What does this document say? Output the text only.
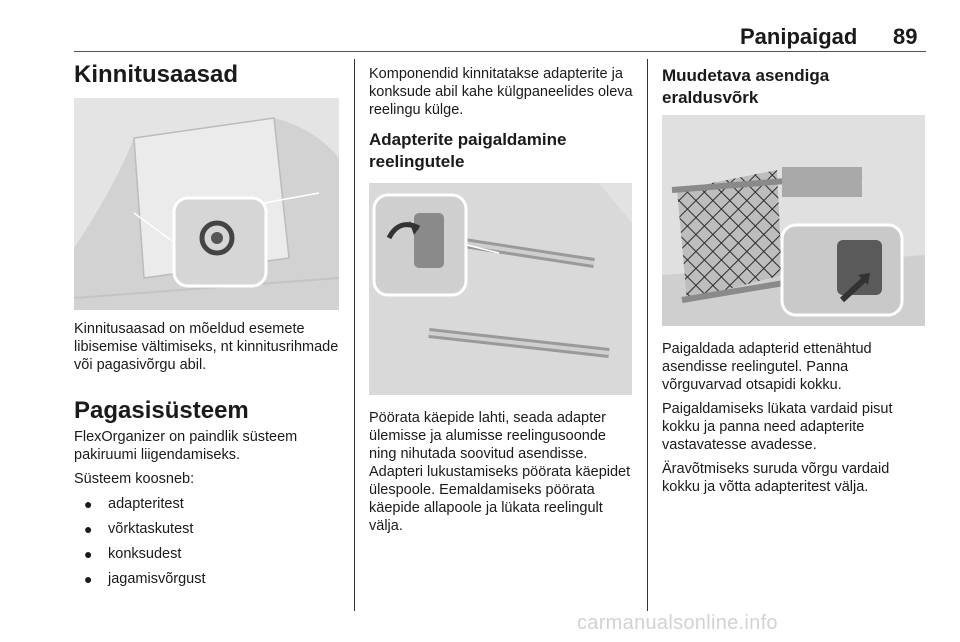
Panipaigad 89
Kinnitusaasad

Kinnitusaasad on mõeldud esemete libisemise vältimiseks, nt kinnitusrihmade või pagasivõrgu abil.

Pagasisüsteem

FlexOrganizer on paindlik süsteem pakiruumi liigendamiseks.

Süsteem koosneb:

● adapteritest
● võrktaskutest
● konksudest
● jagamisvõrgust

Komponendid kinnitatakse adapterite ja konksude abil kahe külgpaneelides oleva reelingu külge.

Adapterite paigaldamine reelingutele

Pöörata käepide lahti, seada adapter ülemisse ja alumisse reelingusoonde ning nihutada soovitud asendisse. Adapteri lukustamiseks pöörata käepidet ülespoole. Eemaldamiseks pöörata käepide allapoole ja lükata reelingult välja.

Muudetava asendiga eraldusvõrk

Paigaldada adapterid ettenähtud asendisse reelingutel. Panna võrguvarvad otsapidi kokku.

Paigaldamiseks lükata vardaid pisut kokku ja panna need adapterite vastavatesse avadesse.

Äravõtmiseks suruda võrgu vardaid kokku ja võtta adapteritest välja.

carmanualsonline.info
